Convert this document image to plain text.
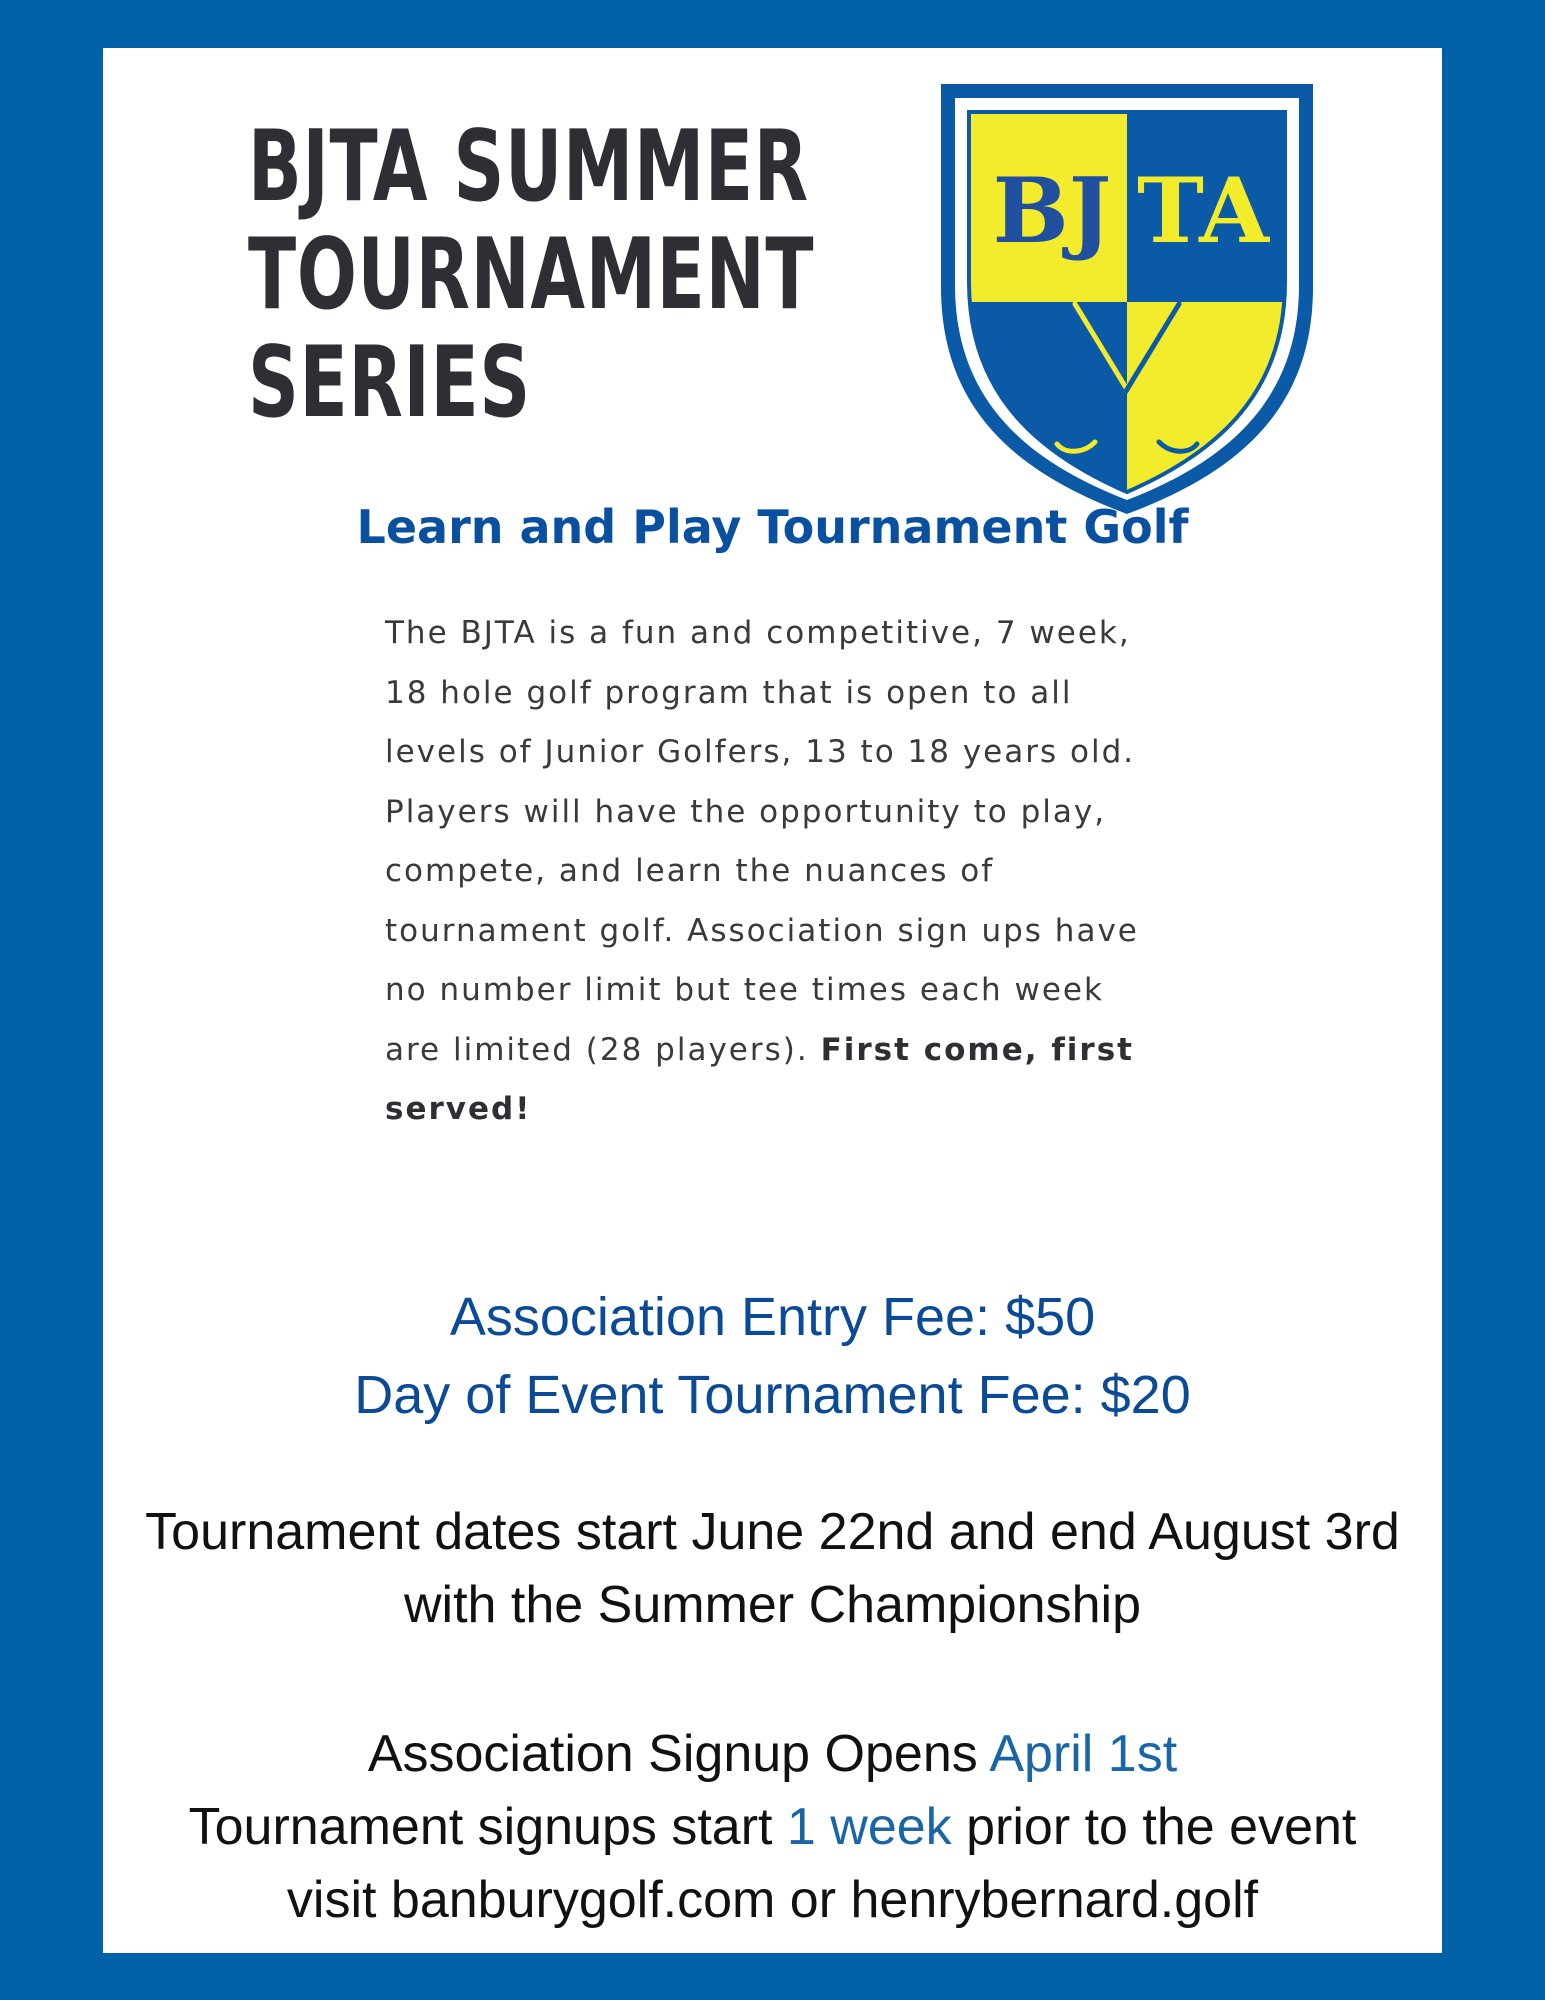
BJTA SUMMER
TOURNAMENT
SERIES
BJ TA
Learn and Play Tournament Golf

The BJTA is a fun and competitive, 7 week, 18 hole golf program that is open to all levels of Junior Golfers, 13 to 18 years old. Players will have the opportunity to play, compete, and learn the nuances of tournament golf. Association sign ups have no number limit but tee times each week are limited (28 players). First come, first served!

Association Entry Fee: $50

Day of Event Tournament Fee: $20

Tournament dates start June 22nd and end August 3rd

with the Summer Championship

Association Signup Opens April 1st

Tournament signups start 1 week prior to the event

visit banburygolf.com or henrybernard.golf
